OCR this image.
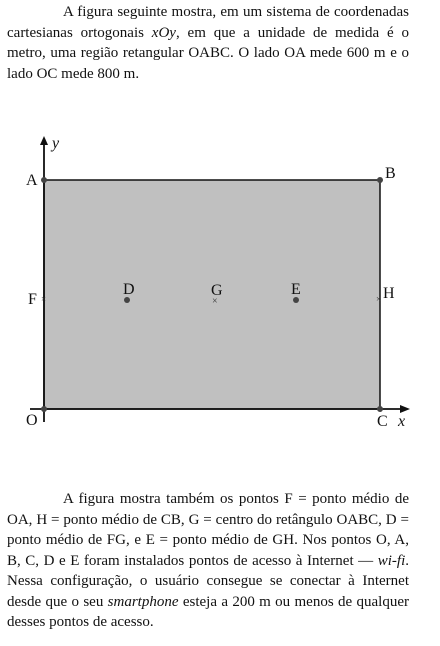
A figura seguinte mostra, em um sistema de coordenadas cartesianas ortogonais xOy, em que a unidade de medida é o metro, uma região retangular OABC. O lado OA mede 600 m e o lado OC mede 800 m.
×
×	×
A	B
C
O
F	H
D	G	E
y
x
A figura mostra também os pontos F = ponto médio de OA, H = ponto médio de CB, G = centro do retângulo OABC, D = ponto médio de FG, e E = ponto médio de GH. Nos pontos O, A, B, C, D e E foram instalados pontos de acesso à Internet — wi-fi. Nessa configuração, o usuário consegue se conectar à Internet desde que o seu smartphone esteja a 200 m ou menos de qualquer desses pontos de acesso.
